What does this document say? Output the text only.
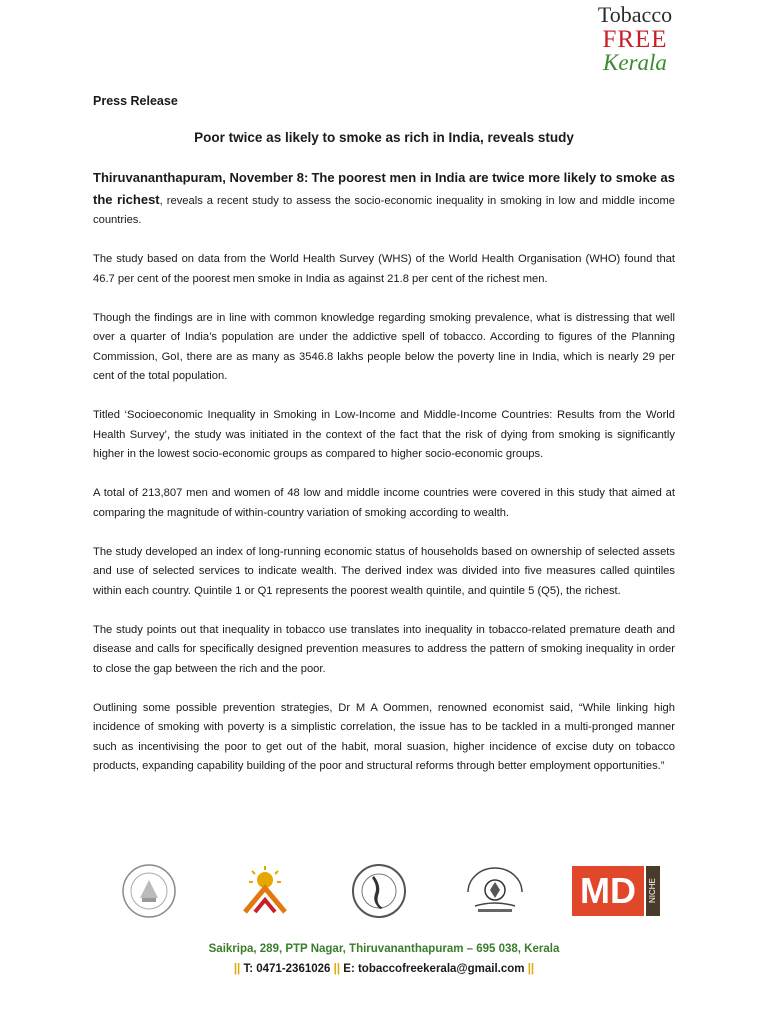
Tobacco
FREE
Kerala
Press Release
Poor twice as likely to smoke as rich in India, reveals study

Thiruvananthapuram, November 8: The poorest men in India are twice more likely to smoke as the richest, reveals a recent study to assess the socio-economic inequality in smoking in low and middle income countries.

The study based on data from the World Health Survey (WHS) of the World Health Organisation (WHO) found that 46.7 per cent of the poorest men smoke in India as against 21.8 per cent of the richest men.

Though the findings are in line with common knowledge regarding smoking prevalence, what is distressing that well over a quarter of India’s population are under the addictive spell of tobacco. According to figures of the Planning Commission, GoI, there are as many as 3546.8 lakhs people below the poverty line in India, which is nearly 29 per cent of the total population.

Titled ‘Socioeconomic Inequality in Smoking in Low-Income and Middle-Income Countries: Results from the World Health Survey’, the study was initiated in the context of the fact that the risk of dying from smoking is significantly higher in the lowest socio-economic groups as compared to higher socio-economic groups.

A total of 213,807 men and women of 48 low and middle income countries were covered in this study that aimed at comparing the magnitude of within-country variation of smoking according to wealth.

The study developed an index of long-running economic status of households based on ownership of selected assets and use of selected services to indicate wealth. The derived index was divided into five measures called quintiles within each country. Quintile 1 or Q1 represents the poorest wealth quintile, and quintile 5 (Q5), the richest.

The study points out that inequality in tobacco use translates into inequality in tobacco-related premature death and disease and calls for specifically designed prevention measures to address the pattern of smoking inequality in order to close the gap between the rich and the poor.

Outlining some possible prevention strategies, Dr M A Oommen, renowned economist said, “While linking high incidence of smoking with poverty is a simplistic correlation, the issue has to be tackled in a multi-pronged manner such as incentivising the poor to get out of the habit, moral suasion, higher incidence of excise duty on tobacco products, expanding capability building of the poor and structural reforms through better employment opportunities.”

MD	NICHE
Saikripa, 289, PTP Nagar, Thiruvananthapuram – 695 038, Kerala
|| T: 0471-2361026 || E: tobaccofreekerala@gmail.com ||
